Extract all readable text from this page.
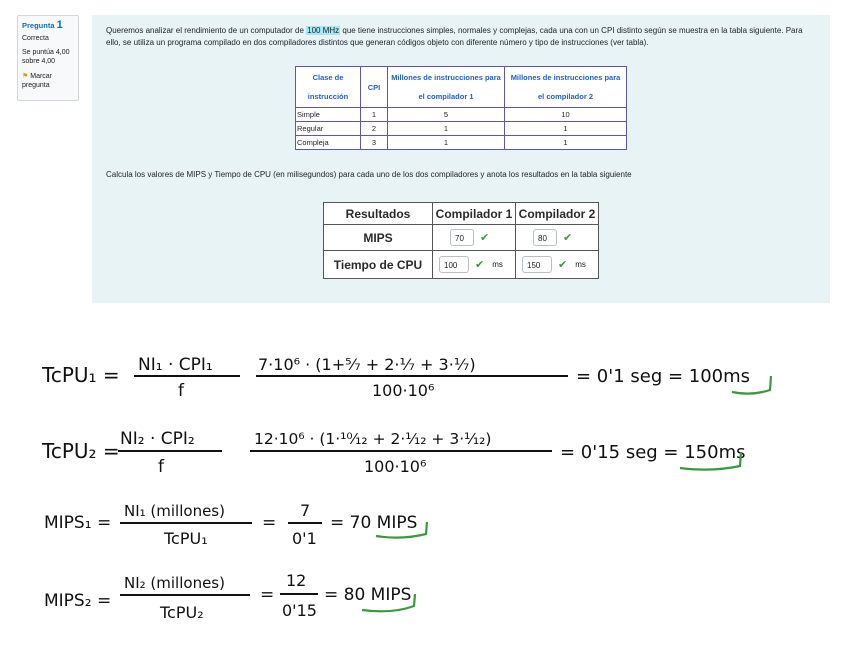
Pregunta 1
Correcta
Se puntúa 4,00 sobre 4,00
⚑ Marcar pregunta
Queremos analizar el rendimiento de un computador de 100 MHz que tiene instrucciones simples, normales y complejas, cada una con un CPI distinto según se muestra en la tabla siguiente. Para ello, se utiliza un programa compilado en dos compiladores distintos que generan códigos objeto con diferente número y tipo de instrucciones (ver tabla).
Clase de instrucción	CPI	Millones de instrucciones para el compilador 1	Millones de instrucciones para el compilador 2
Simple	1	5	10
Regular	2	1	1
Compleja	3	1	1
Calcula los valores de MIPS y Tiempo de CPU (en milisegundos) para cada uno de los dos compiladores y anota los resultados en la tabla siguiente
Resultados	Compilador 1	Compilador 2
MIPS	70 ✔	80 ✔

Tiempo de CPU	100 ✔ ms	150 ✔ ms
TcPU₁ = NI₁ · CPI₁
f
7·10⁶ · (1+⁵⁄₇ + 2·¹⁄₇ + 3·¹⁄₇)
100·10⁶
= 0'1 seg = 100ms
TcPU₂ = NI₂ · CPI₂
f
12·10⁶ · (1·¹⁰⁄₁₂ + 2·¹⁄₁₂ + 3·¹⁄₁₂)
100·10⁶
= 0'15 seg = 150ms
MIPS₁ =
NI₁ (millones)
TcPU₁
=
7
0'1
= 70 MIPS
MIPS₂ =
NI₂ (millones)
TcPU₂
=
12
0'15
= 80 MIPS
